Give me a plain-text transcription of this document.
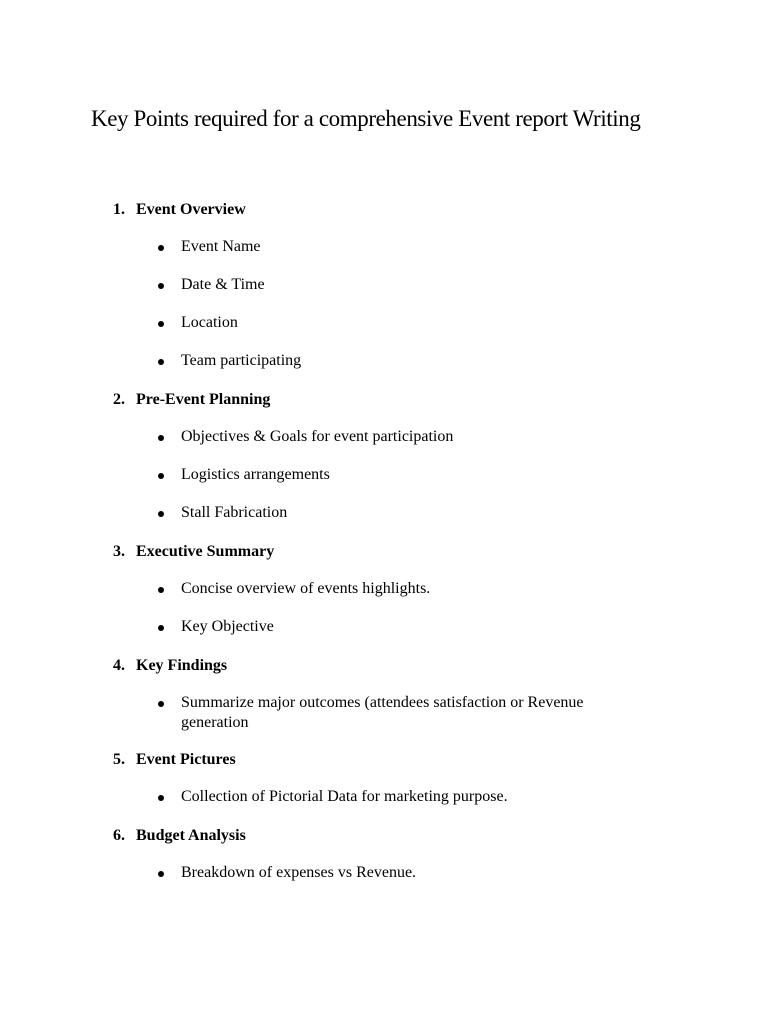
Key Points required for a comprehensive Event report Writing
1. Event Overview
Event Name
Date & Time
Location
Team participating
2. Pre-Event Planning
Objectives & Goals for event participation
Logistics arrangements
Stall Fabrication
3. Executive Summary
Concise overview of events highlights.
Key Objective
4. Key Findings
Summarize major outcomes (attendees satisfaction or Revenue generation
5. Event Pictures
Collection of Pictorial Data for marketing purpose.
6. Budget Analysis
Breakdown of expenses vs Revenue.
